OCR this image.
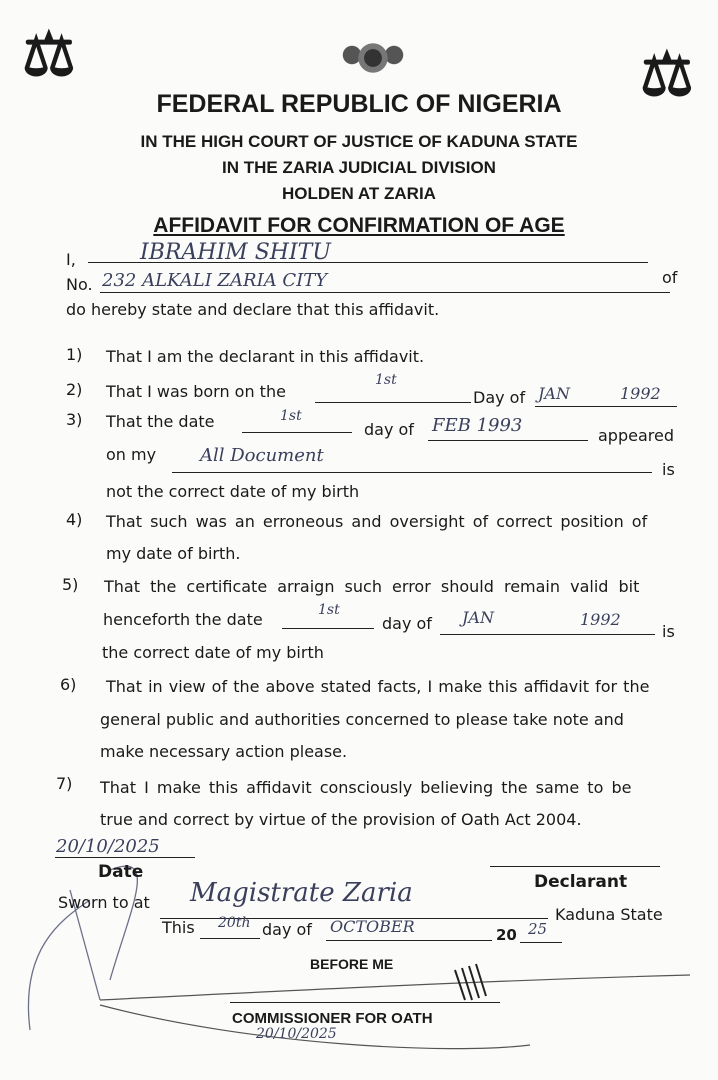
⚖	⚖
FEDERAL REPUBLIC OF NIGERIA
IN THE HIGH COURT OF JUSTICE OF KADUNA STATE
IN THE ZARIA JUDICIAL DIVISION
HOLDEN AT ZARIA
AFFIDAVIT FOR CONFIRMATION OF AGE
I,	IBRAHIM SHITU
of
No. 232 ALKALI ZARIA CITY
do hereby state and declare that this affidavit.
1) That I am the declarant in this affidavit.
2) That I was born on the
1st
Day of JAN	1992
3) That the date	1st
day of FEB 1993	appeared
on my All Document
is
not the correct date of my birth
4) That such was an erroneous and oversight of correct position of
my date of birth.
5) That the certificate arraign such error should remain valid bit
henceforth the date	1st
day of JAN	1992
is
the correct date of my birth
6) That in view of the above stated facts, I make this affidavit for the
general public and authorities concerned to please take note and
make necessary action please.
7) That I make this affidavit consciously believing the same to be
true and correct by virtue of the provision of Oath Act 2004.
20/10/2025
Date	Declarant
Sworn to at Magistrate Zaria
Kaduna State
This 20th day of OCTOBER	20 25
BEFORE ME
COMMISSIONER FOR OATH
20/10/2025
